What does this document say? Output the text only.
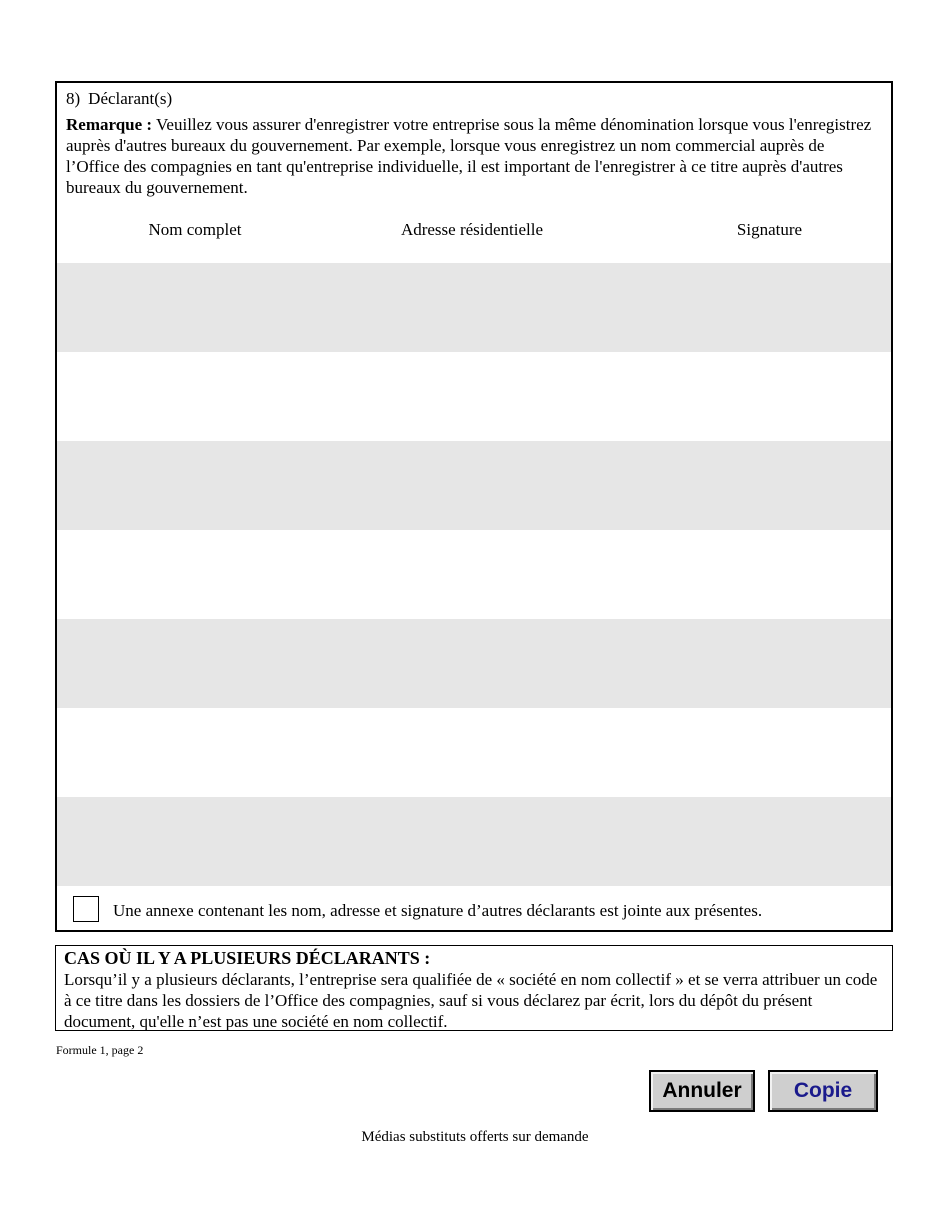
8) Déclarant(s)
Remarque : Veuillez vous assurer d'enregistrer votre entreprise sous la même dénomination lorsque vous l'enregistrez auprès d'autres bureaux du gouvernement. Par exemple, lorsque vous enregistrez un nom commercial auprès de l’Office des compagnies en tant qu'entreprise individuelle, il est important de l'enregistrer à ce titre auprès d'autres bureaux du gouvernement.
Nom complet	Adresse résidentielle	Signature
Une annexe contenant les nom, adresse et signature d’autres déclarants est jointe aux présentes.
CAS OÙ IL Y A PLUSIEURS DÉCLARANTS :
Lorsqu’il y a plusieurs déclarants, l’entreprise sera qualifiée de « société en nom collectif » et se verra attribuer un code à ce titre dans les dossiers de l’Office des compagnies, sauf si vous déclarez par écrit, lors du dépôt du présent document, qu'elle n’est pas une société en nom collectif.
Formule 1, page 2
Annuler	Copie
Médias substituts offerts sur demande
